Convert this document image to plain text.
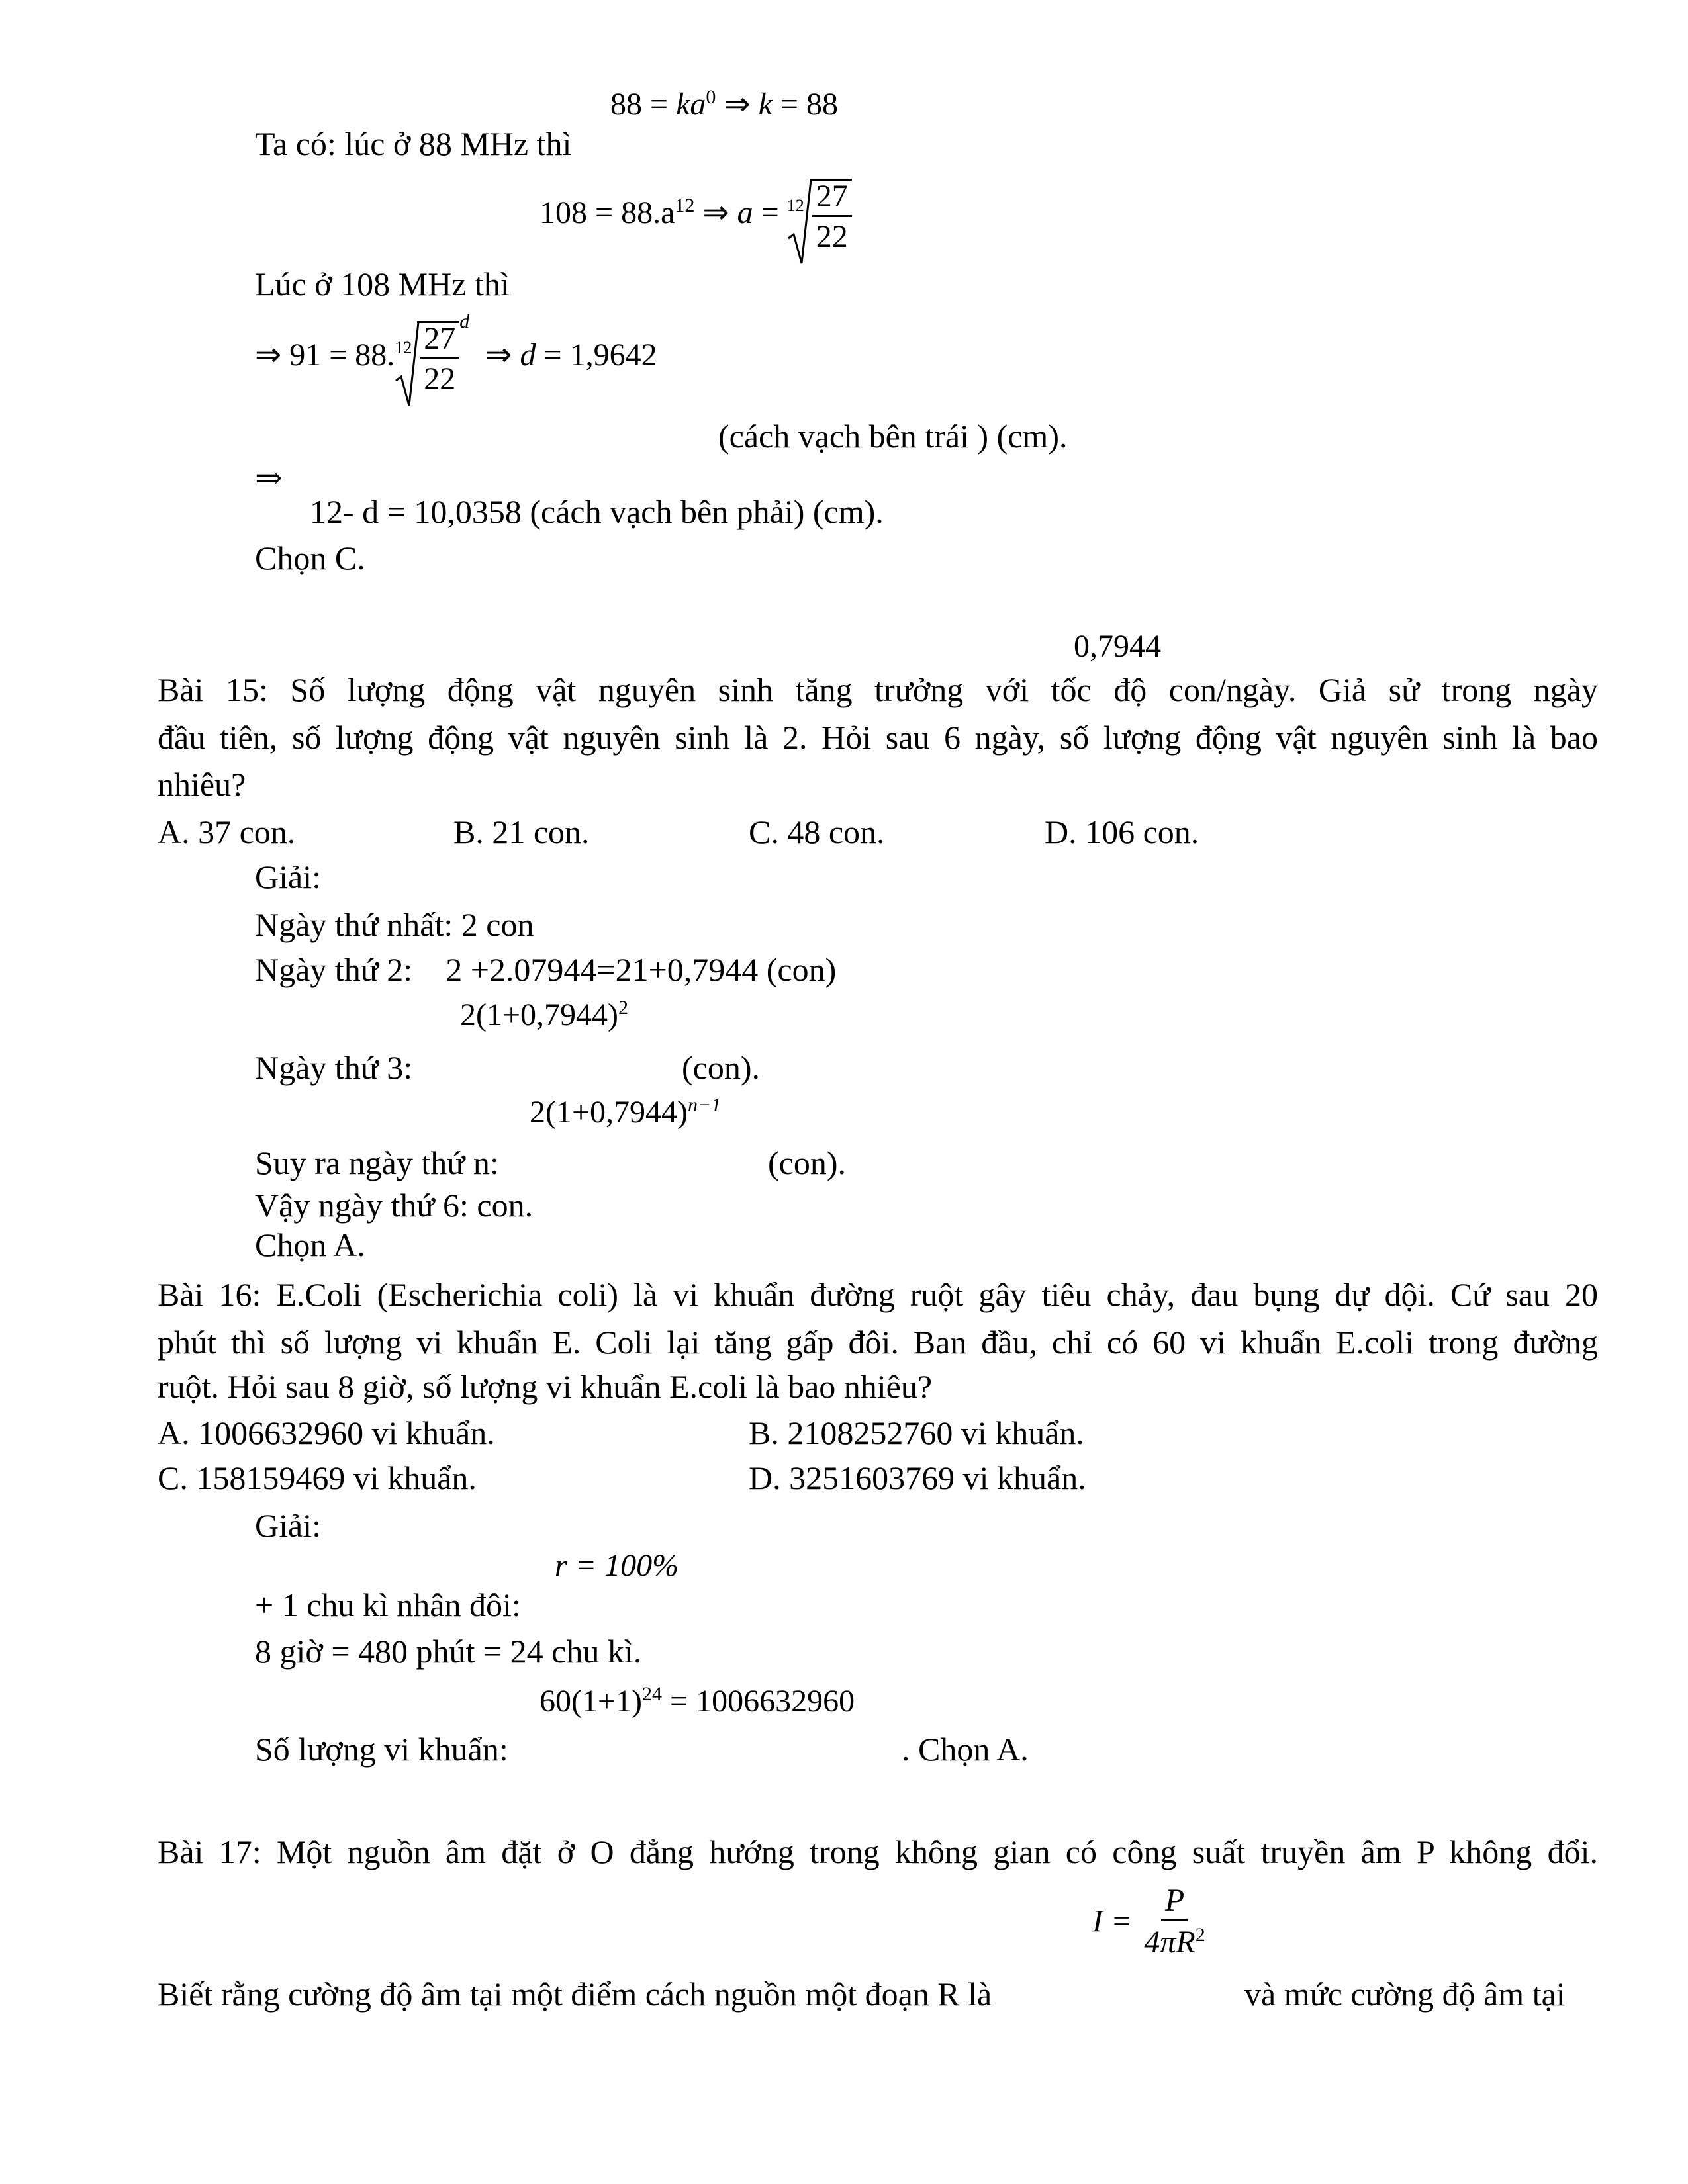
$88 = ka^0$ ⇒ k = 88
Ta có: lúc ở 88 MHz thì
$108 = 88.a^{12}$ ⇒ $a = 12 \frac{27}{22}$
Lúc ở 108 MHz thì
⇒ 91 = 88. $12 \frac{27}{22}$
$^d$  ⇒ d = 1,9642
(cách vạch bên trái ) (cm).
⇒
12- d = 10,0358 (cách vạch bên phải) (cm).
Chọn C.
0,7944
Bài 15: Số lượng động vật nguyên sinh tăng trưởng với tốc độ con/ngày. Giả sử trong ngày
đầu tiên, số lượng động vật nguyên sinh là 2. Hỏi sau 6 ngày, số lượng động vật nguyên sinh là bao
nhiêu?
A. 37 con.	B. 21 con.	C. 48 con.	D. 106 con.
Giải:
Ngày thứ nhất: 2 con
Ngày thứ 2: 2 +2.07944=21+0,7944 (con)
$2(1+0,7944)^2$
Ngày thứ 3:	(con).
$2(1+0,7944)^{n-1}$
Suy ra ngày thứ n:	(con).
Vậy ngày thứ 6: con.
Chọn A.
Bài 16: E.Coli (Escherichia coli) là vi khuẩn đường ruột gây tiêu chảy, đau bụng dự dội. Cứ sau 20
phút thì số lượng vi khuẩn E. Coli lại tăng gấp đôi. Ban đầu, chỉ có 60 vi khuẩn E.coli trong đường
ruột. Hỏi sau 8 giờ, số lượng vi khuẩn E.coli là bao nhiêu?
A. 1006632960 vi khuẩn.	B. 2108252760 vi khuẩn.
C. 158159469 vi khuẩn.	D. 3251603769 vi khuẩn.
Giải:
r = 100%
+ 1 chu kì nhân đôi:
8 giờ = 480 phút = 24 chu kì.
$60(1+1)^{24} = 1006632960$
Số lượng vi khuẩn:	. Chọn A.
Bài 17: Một nguồn âm đặt ở O đẳng hướng trong không gian có công suất truyền âm P không đổi.
$I = \frac{P}{4\pi R^2}$
Biết rằng cường độ âm tại một điểm cách nguồn một đoạn R là	và mức cường độ âm tại
